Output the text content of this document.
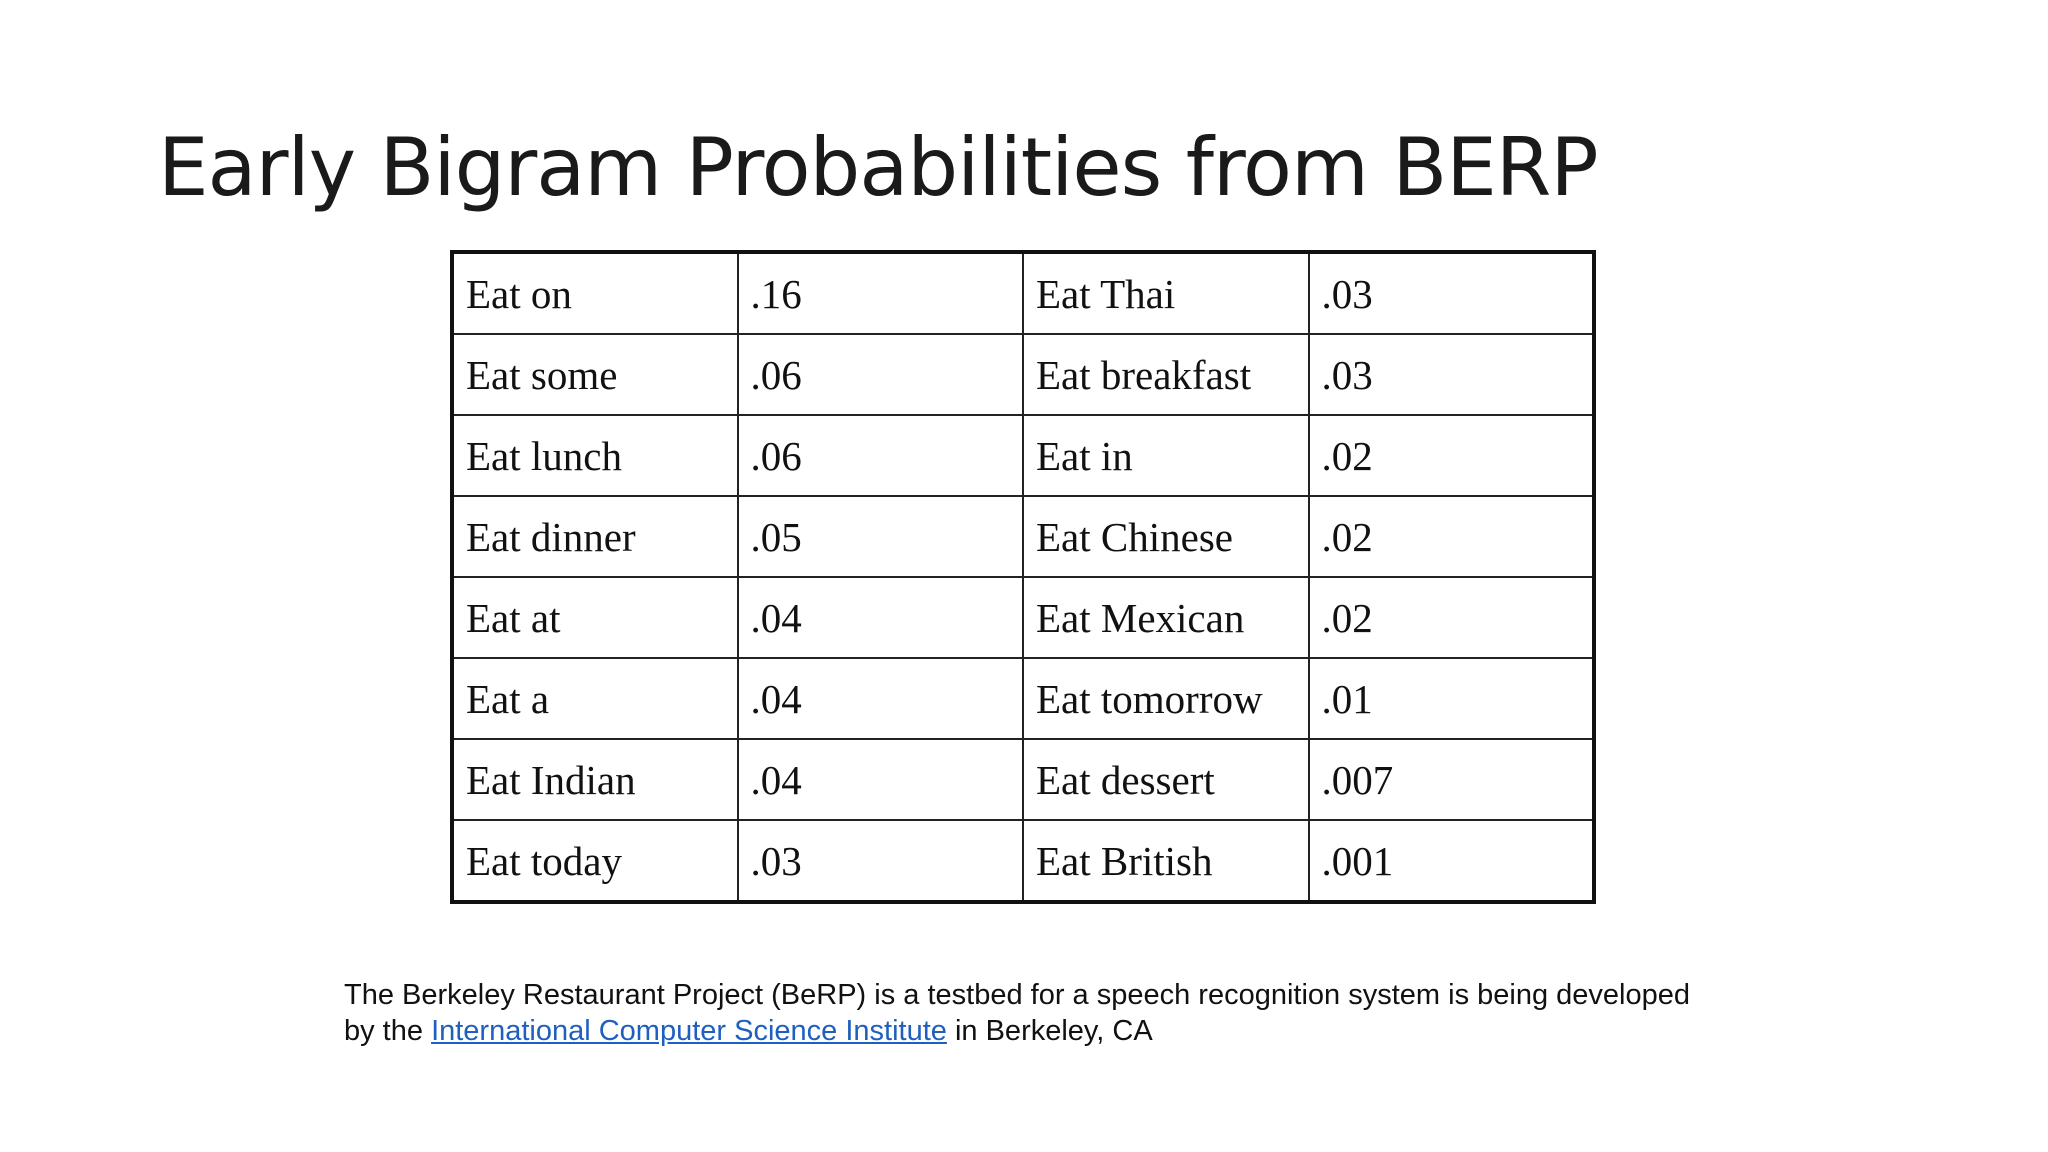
Early Bigram Probabilities from BERP
Eat on	.16	Eat Thai	.03
Eat some	.06	Eat breakfast	.03
Eat lunch	.06	Eat in	.02
Eat dinner	.05	Eat Chinese	.02
Eat at	.04	Eat Mexican	.02
Eat a	.04	Eat tomorrow	.01
Eat Indian	.04	Eat dessert	.007
Eat today	.03	Eat British	.001

The Berkeley Restaurant Project (BeRP) is a testbed for a speech recognition system is being developed
by the International Computer Science Institute in Berkeley, CA
